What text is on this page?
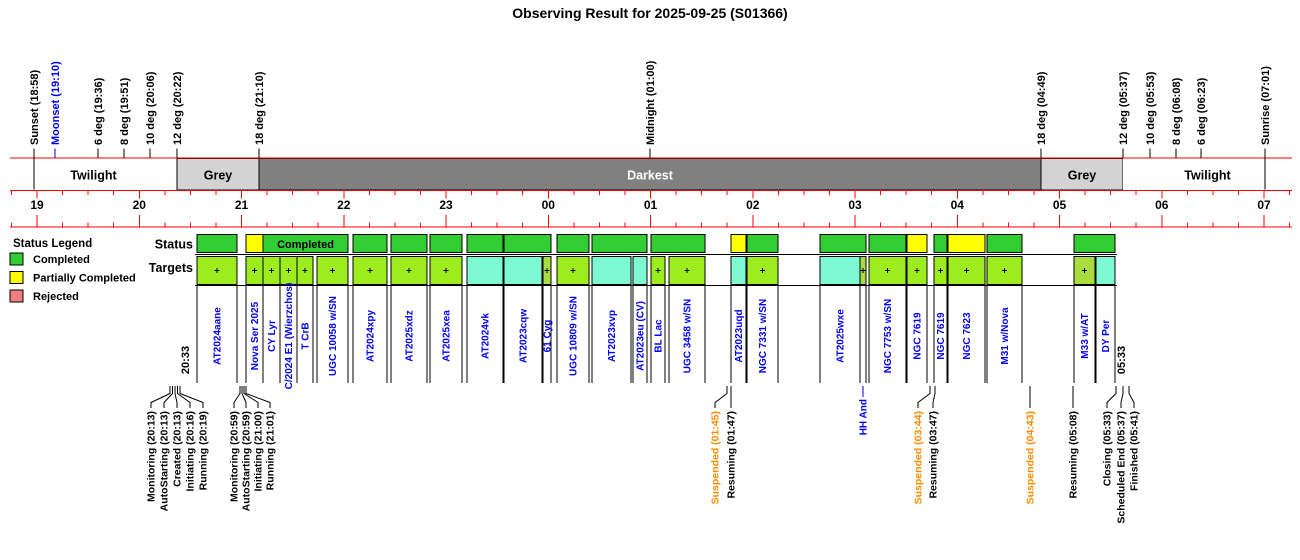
Observing Result for 2025-09-25 (S01366)
Twilight	Grey	Darkest	Grey	Twilight
Sunset (18:58) Moonset (19:10)	6 deg (19:36) 8 deg (19:51) 10 deg (20:06) 12 deg (20:22)	18 deg (21:10)	Midnight (01:00)	18 deg (04:49)	12 deg (05:37) 10 deg (05:53) 8 deg (06:08) 6 deg (06:23)	Sunrise (07:01)
19	20	21	22	23	00	01	02	03	04	05	06	07
Status Legend
Completed
Partially Completed
Rejected
Status
Targets
Completed
AT2024aane	Nova Ser 2025 CY Lyr C/2024 E1 (Wierzchos) T CrB UGC 10058 w/SN	AT2024xpy	AT2025xdz	AT2025xea	AT2024vk	AT2023cqw 61 Cyg UGC 10809 w/SN	AT2023xvp AT2023eu (CV) BL Lac UGC 3458 w/SN	AT2023uqd NGC 7331 w/SN	AT2025wxe	NGC 7753 w/SN NGC 7619 NGC 7619 NGC 7623	M31 w/Nova	M33 w/AT DY Per
HH And
20:33	05:33
Monitoring (20:13) AutoStarting (20:13) Created (20:13) Initiating (20:16) Running (20:19) Monitoring (20:59) AutoStarting (20:59) Initiating (21:00) Running (21:01)	Suspended (01:45) Resuming (01:47)	Suspended (03:44) Resuming (03:47)	Suspended (04:43)	Resuming (05:08) Closing (05:33) Scheduled End (05:37) Finished (05:41)
